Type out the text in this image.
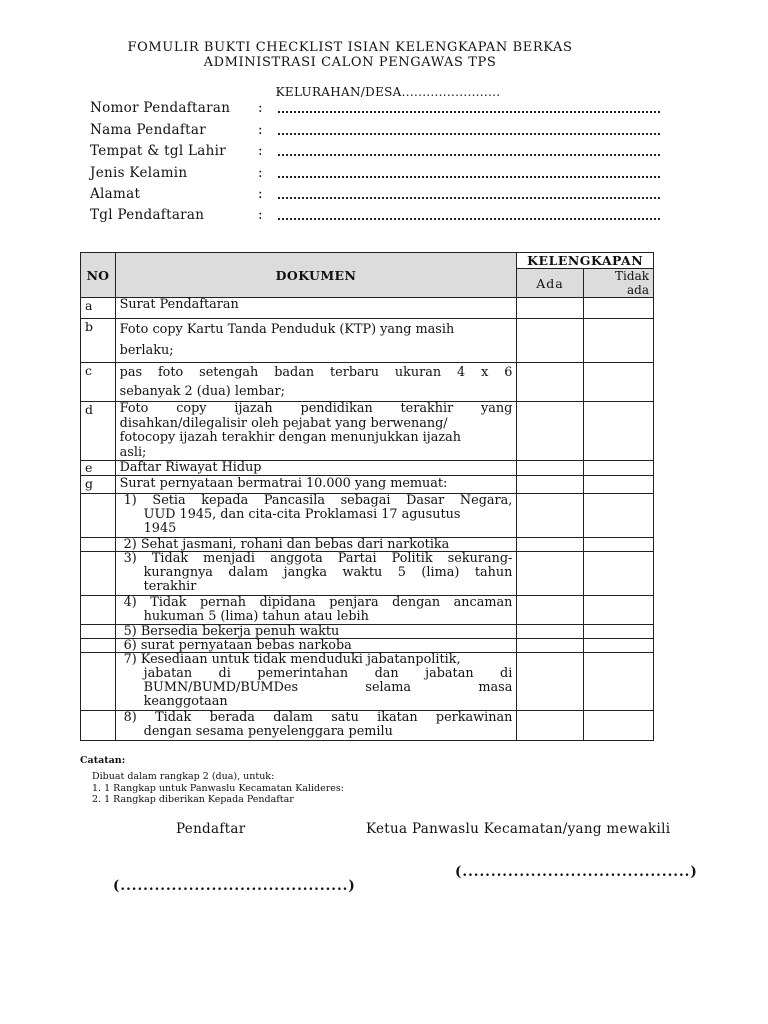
FOMULIR BUKTI CHECKLIST ISIAN KELENGKAPAN BERKAS
ADMINISTRASI CALON PENGAWAS TPS
KELURAHAN/DESA........................
Nomor Pendaftaran :
Nama Pendaftar	:
Tempat & tgl Lahir :
Jenis Kelamin	:
Alamat	:
Tgl Pendaftaran	:
NO	DOKUMEN	KELENGKAPAN	
		Ada	Tidak
ada
a	Surat Pendaftaran		
b	Foto copy Kartu Tanda Penduduk (KTP) yang masih
berlaku;		

c	pas foto setengah badan terbaru ukuran 4 x 6
sebanyak 2 (dua) lembar;		

d	Foto copy ijazah pendidikan terakhir yang
disahkan/dilegalisir oleh pejabat yang berwenang/
fotocopy ijazah terakhir dengan menunjukkan ijazah
asli;		

e	Daftar Riwayat Hidup		
g	Surat pernyataan bermatrai 10.000 yang memuat:		

	1) Setia kepada Pancasila sebagai Dasar Negara,
UUD 1945, dan cita-cita Proklamasi 17 agusutus
1945		

	2) Sehat jasmani, rohani dan bebas dari narkotika		

	3) Tidak menjadi anggota Partai Politik sekurang-
kurangnya dalam jangka waktu 5 (lima) tahun
terakhir		

	4) Tidak pernah dipidana penjara dengan ancaman
hukuman 5 (lima) tahun atau lebih		

	5) Bersedia bekerja penuh waktu		

	6) surat pernyataan bebas narkoba		

	7) Kesediaan untuk tidak menduduki jabatanpolitik,
jabatan di pemerintahan dan jabatan di
BUMN/BUMD/BUMDes selama masa
keanggotaan		

	8) Tidak berada dalam satu ikatan perkawinan
dengan sesama penyelenggara pemilu		

Catatan:
Dibuat dalam rangkap 2 (dua), untuk:
1. 1 Rangkap untuk Panwaslu Kecamatan Kalideres:
2. 1 Rangkap diberikan Kepada Pendaftar
Pendaftar	Ketua Panwaslu Kecamatan/yang mewakili
(........................................)
(........................................)
